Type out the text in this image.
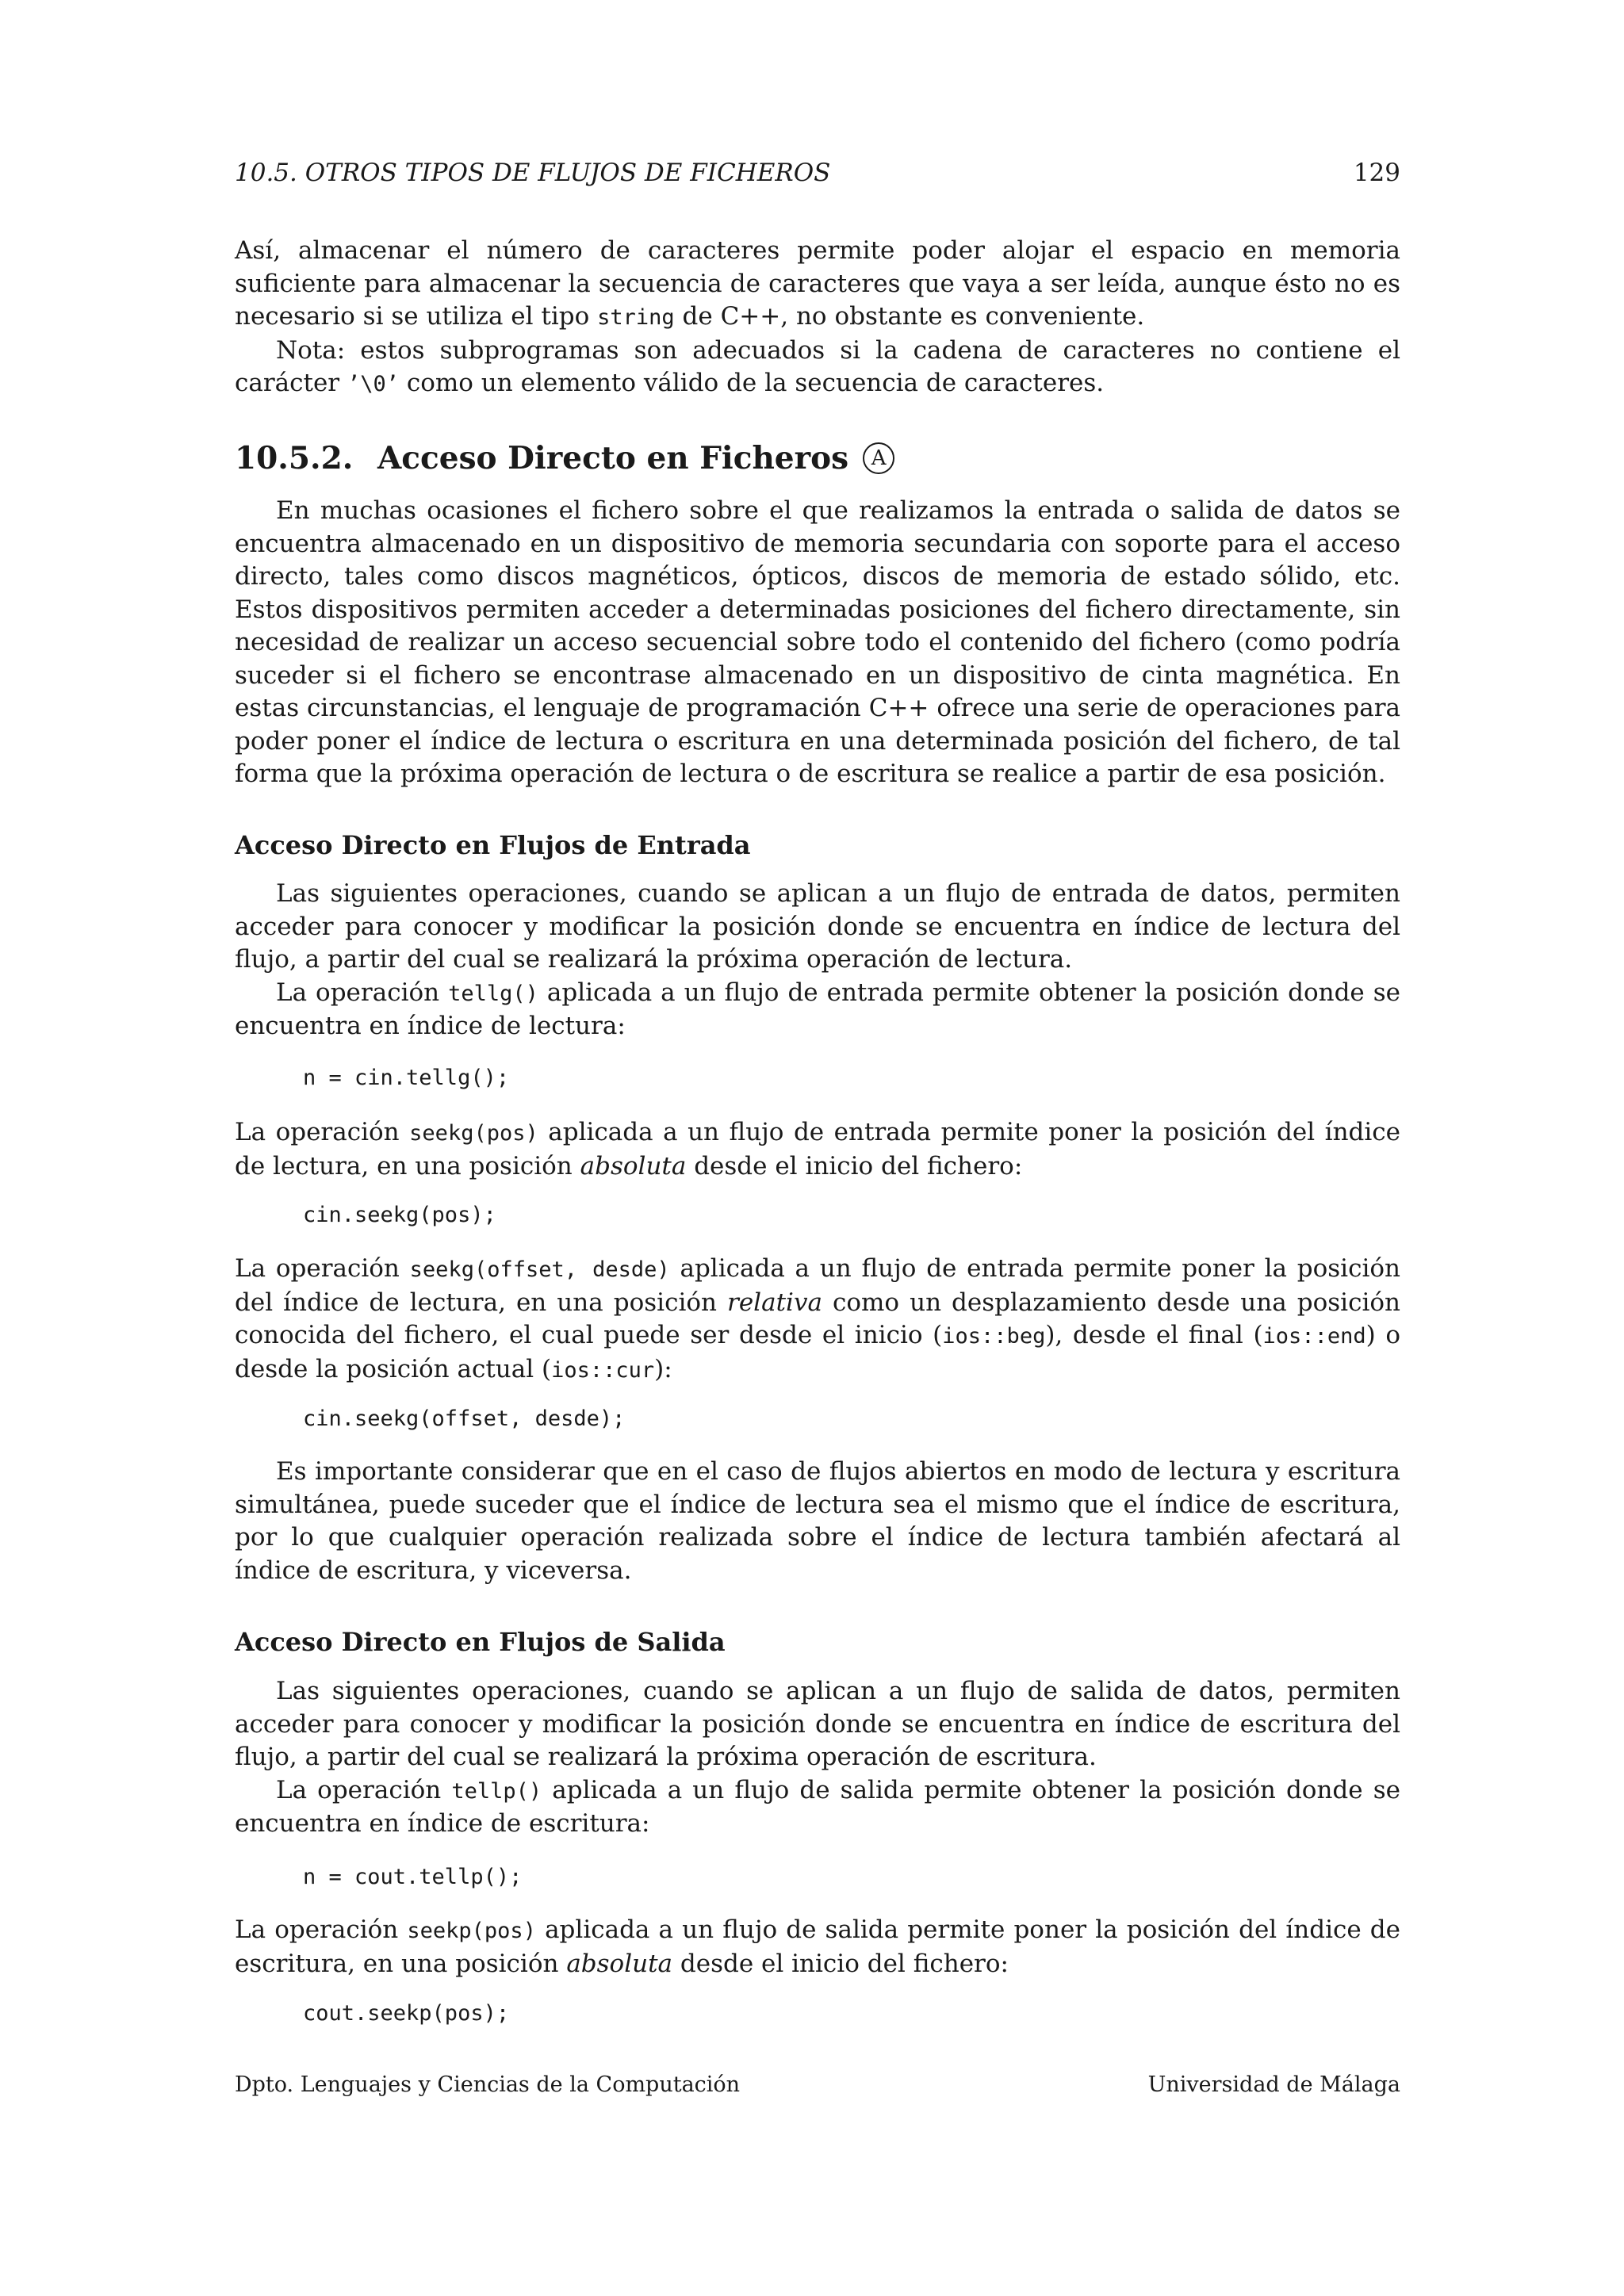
10.5. OTROS TIPOS DE FLUJOS DE FICHEROS	129

Así, almacenar el número de caracteres permite poder alojar el espacio en memoria suficiente para almacenar la secuencia de caracteres que vaya a ser leída, aunque ésto no es necesario si se utiliza el tipo string de C++, no obstante es conveniente.

Nota: estos subprogramas son adecuados si la cadena de caracteres no contiene el carácter ’\0’ como un elemento válido de la secuencia de caracteres.

10.5.2. Acceso Directo en Ficheros	A

En muchas ocasiones el fichero sobre el que realizamos la entrada o salida de datos se encuentra almacenado en un dispositivo de memoria secundaria con soporte para el acceso directo, tales como discos magnéticos, ópticos, discos de memoria de estado sólido, etc. Estos dispositivos permiten acceder a determinadas posiciones del fichero directamente, sin necesidad de realizar un acceso secuencial sobre todo el contenido del fichero (como podría suceder si el fichero se encontrase almacenado en un dispositivo de cinta magnética. En estas circunstancias, el lenguaje de programación C++ ofrece una serie de operaciones para poder poner el índice de lectura o escritura en una determinada posición del fichero, de tal forma que la próxima operación de lectura o de escritura se realice a partir de esa posición.

Acceso Directo en Flujos de Entrada

Las siguientes operaciones, cuando se aplican a un flujo de entrada de datos, permiten acceder para conocer y modificar la posición donde se encuentra en índice de lectura del flujo, a partir del cual se realizará la próxima operación de lectura.

La operación tellg() aplicada a un flujo de entrada permite obtener la posición donde se encuentra en índice de lectura:

n = cin.tellg();

La operación seekg(pos) aplicada a un flujo de entrada permite poner la posición del índice de lectura, en una posición absoluta desde el inicio del fichero:

cin.seekg(pos);

La operación seekg(offset, desde) aplicada a un flujo de entrada permite poner la posición del índice de lectura, en una posición relativa como un desplazamiento desde una posición conocida del fichero, el cual puede ser desde el inicio (ios::beg), desde el final (ios::end) o desde la posición actual (ios::cur):

cin.seekg(offset, desde);

Es importante considerar que en el caso de flujos abiertos en modo de lectura y escritura simultánea, puede suceder que el índice de lectura sea el mismo que el índice de escritura, por lo que cualquier operación realizada sobre el índice de lectura también afectará al índice de escritura, y viceversa.

Acceso Directo en Flujos de Salida

Las siguientes operaciones, cuando se aplican a un flujo de salida de datos, permiten acceder para conocer y modificar la posición donde se encuentra en índice de escritura del flujo, a partir del cual se realizará la próxima operación de escritura.

La operación tellp() aplicada a un flujo de salida permite obtener la posición donde se encuentra en índice de escritura:

n = cout.tellp();

La operación seekp(pos) aplicada a un flujo de salida permite poner la posición del índice de escritura, en una posición absoluta desde el inicio del fichero:

cout.seekp(pos);
Dpto. Lenguajes y Ciencias de la Computación	Universidad de Málaga
